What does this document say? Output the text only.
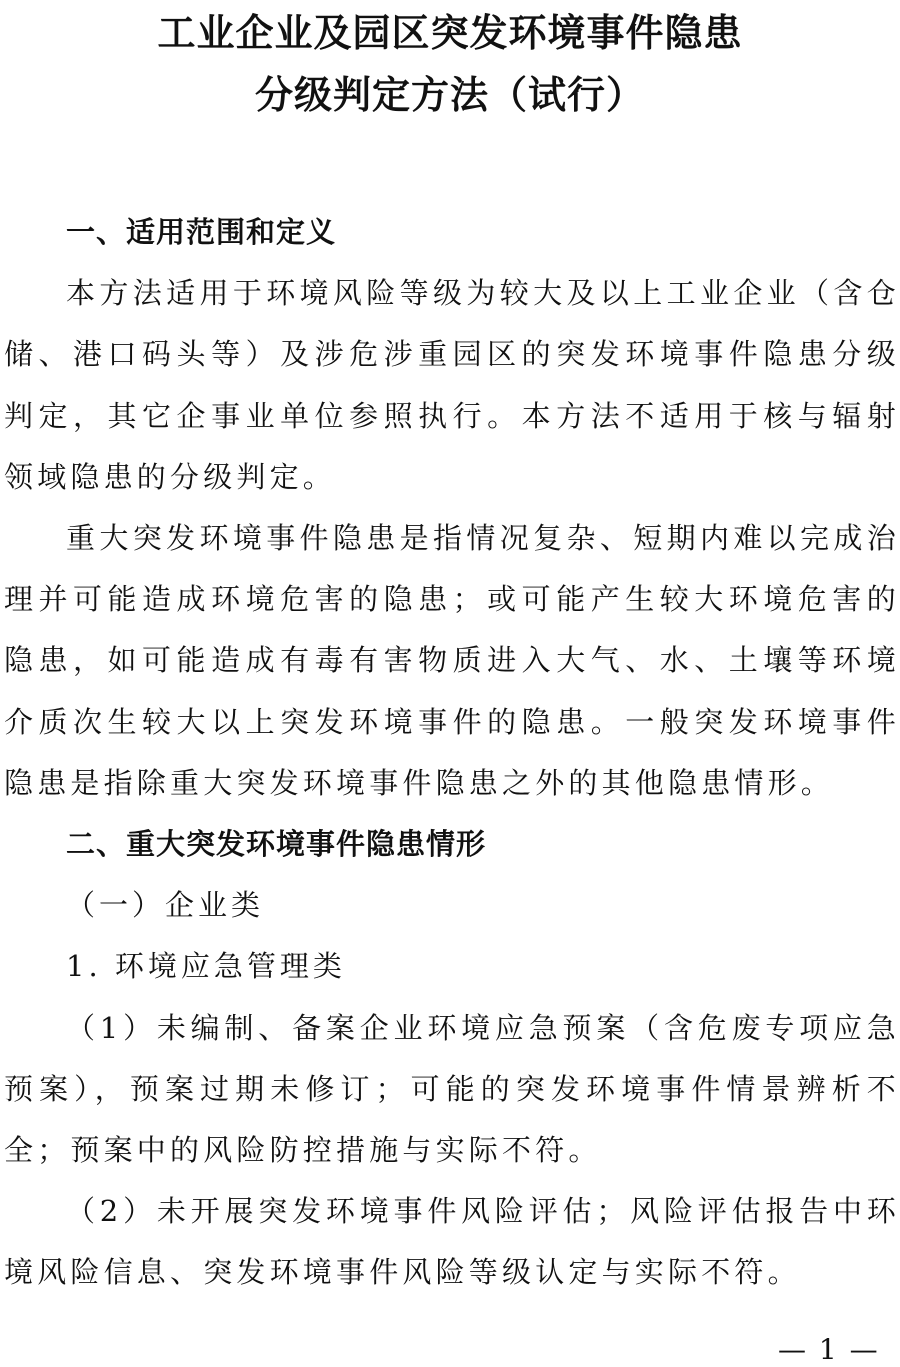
工业企业及园区突发环境事件隐患
分级判定方法（试行）

一、适用范围和定义

本方法适用于环境风险等级为较大及以上工业企业（含仓储、港口码头等）及涉危涉重园区的突发环境事件隐患分级判定，其它企事业单位参照执行。本方法不适用于核与辐射领域隐患的分级判定。

重大突发环境事件隐患是指情况复杂、短期内难以完成治理并可能造成环境危害的隐患；或可能产生较大环境危害的隐患，如可能造成有毒有害物质进入大气、水、土壤等环境介质次生较大以上突发环境事件的隐患。一般突发环境事件隐患是指除重大突发环境事件隐患之外的其他隐患情形。

二、重大突发环境事件隐患情形

（一）企业类

1. 环境应急管理类

（1）未编制、备案企业环境应急预案（含危废专项应急预案），预案过期未修订；可能的突发环境事件情景辨析不全；预案中的风险防控措施与实际不符。

（2）未开展突发环境事件风险评估；风险评估报告中环境风险信息、突发环境事件风险等级认定与实际不符。

— 1 —
